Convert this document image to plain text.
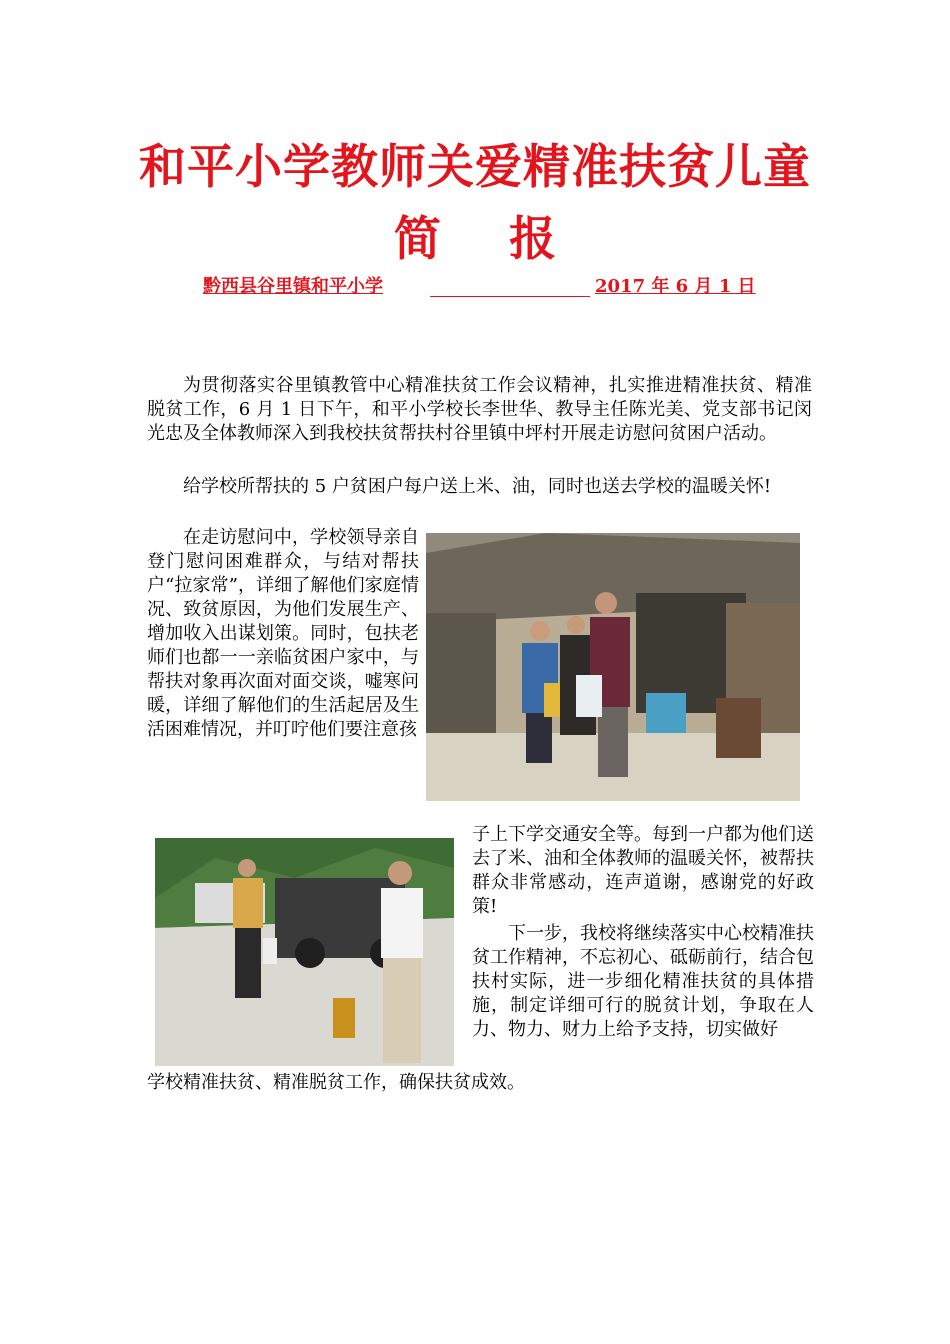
和平小学教师关爱精准扶贫儿童
简 报
黔西县谷里镇和平小学	2017 年 6 月 1 日

为贯彻落实谷里镇教管中心精准扶贫工作会议精神，扎实推进精准扶贫、精准脱贫工作，6 月 1 日下午，和平小学校长李世华、教导主任陈光美、党支部书记闵光忠及全体教师深入到我校扶贫帮扶村谷里镇中坪村开展走访慰问贫困户活动。

给学校所帮扶的 5 户贫困户每户送上米、油，同时也送去学校的温暖关怀!

在走访慰问中，学校领导亲自登门慰问困难群众，与结对帮扶户“拉家常”，详细了解他们家庭情况、致贫原因，为他们发展生产、增加收入出谋划策。同时，包扶老师们也都一一亲临贫困户家中，与帮扶对象再次面对面交谈，嘘寒问暖，详细了解他们的生活起居及生活困难情况，并叮咛他们要注意孩

子上下学交通安全等。每到一户都为他们送去了米、油和全体教师的温暖关怀，被帮扶群众非常感动，连声道谢，感谢党的好政策!

下一步，我校将继续落实中心校精准扶贫工作精神，不忘初心、砥砺前行，结合包扶村实际，进一步细化精准扶贫的具体措施，制定详细可行的脱贫计划，争取在人力、物力、财力上给予支持，切实做好

学校精准扶贫、精准脱贫工作，确保扶贫成效。
